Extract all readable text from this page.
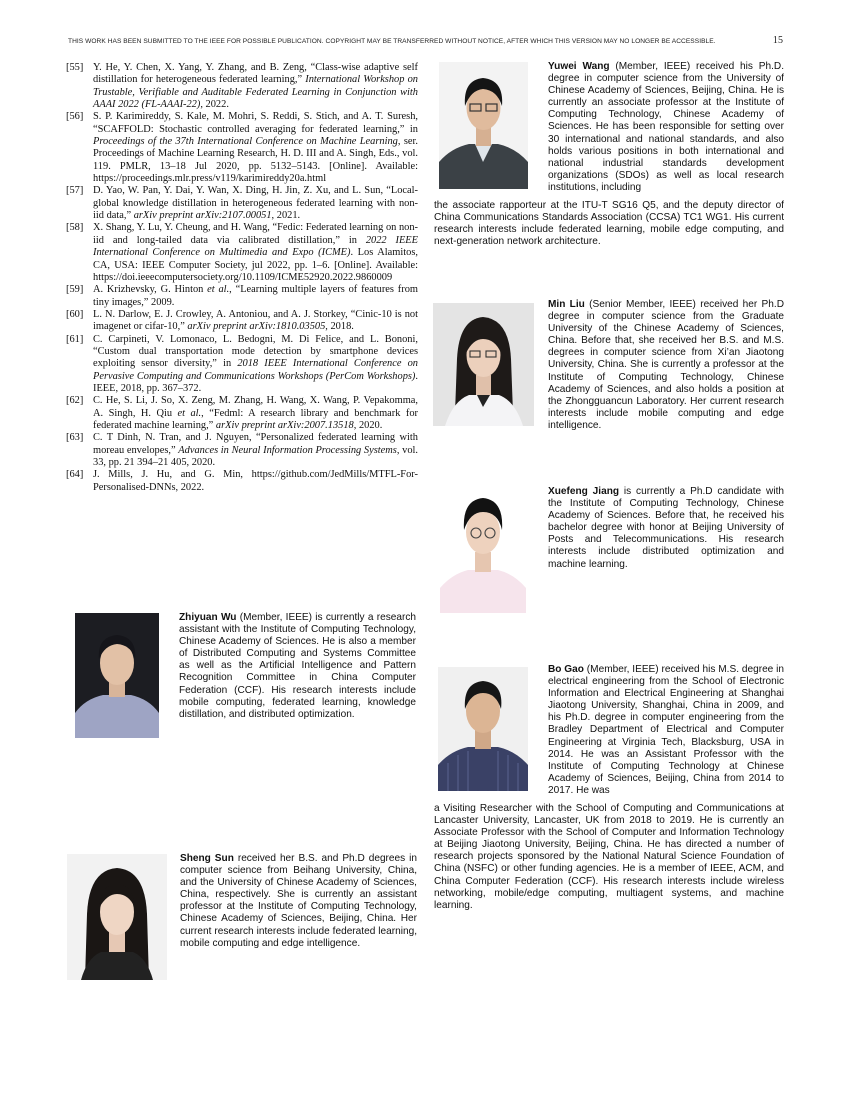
THIS WORK HAS BEEN SUBMITTED TO THE IEEE FOR POSSIBLE PUBLICATION. COPYRIGHT MAY BE TRANSFERRED WITHOUT NOTICE, AFTER WHICH THIS VERSION MAY NO LONGER BE ACCESSIBLE.	15
[55] Y. He, Y. Chen, X. Yang, Y. Zhang, and B. Zeng, “Class-wise adaptive self distillation for heterogeneous federated learning,” International Workshop on Trustable, Verifiable and Auditable Federated Learning in Conjunction with AAAI 2022 (FL-AAAI-22), 2022.
[56] S. P. Karimireddy, S. Kale, M. Mohri, S. Reddi, S. Stich, and A. T. Suresh, “SCAFFOLD: Stochastic controlled averaging for federated learning,” in Proceedings of the 37th International Conference on Machine Learning, ser. Proceedings of Machine Learning Research, H. D. III and A. Singh, Eds., vol. 119. PMLR, 13–18 Jul 2020, pp. 5132–5143. [Online]. Available: https://proceedings.mlr.press/v119/karimireddy20a.html
[57] D. Yao, W. Pan, Y. Dai, Y. Wan, X. Ding, H. Jin, Z. Xu, and L. Sun, “Local-global knowledge distillation in heterogeneous federated learning with non-iid data,” arXiv preprint arXiv:2107.00051, 2021.
[58] X. Shang, Y. Lu, Y. Cheung, and H. Wang, “Fedic: Federated learning on non-iid and long-tailed data via calibrated distillation,” in 2022 IEEE International Conference on Multimedia and Expo (ICME). Los Alamitos, CA, USA: IEEE Computer Society, jul 2022, pp. 1–6. [Online]. Available: https://doi.ieeecomputersociety.org/10.1109/ICME52920.2022.9860009
[59] A. Krizhevsky, G. Hinton et al., “Learning multiple layers of features from tiny images,” 2009.
[60] L. N. Darlow, E. J. Crowley, A. Antoniou, and A. J. Storkey, “Cinic-10 is not imagenet or cifar-10,” arXiv preprint arXiv:1810.03505, 2018.
[61] C. Carpineti, V. Lomonaco, L. Bedogni, M. Di Felice, and L. Bononi, “Custom dual transportation mode detection by smartphone devices exploiting sensor diversity,” in 2018 IEEE International Conference on Pervasive Computing and Communications Workshops (PerCom Workshops). IEEE, 2018, pp. 367–372.
[62] C. He, S. Li, J. So, X. Zeng, M. Zhang, H. Wang, X. Wang, P. Vepakomma, A. Singh, H. Qiu et al., “Fedml: A research library and benchmark for federated machine learning,” arXiv preprint arXiv:2007.13518, 2020.
[63] C. T Dinh, N. Tran, and J. Nguyen, “Personalized federated learning with moreau envelopes,” Advances in Neural Information Processing Systems, vol. 33, pp. 21 394–21 405, 2020.
[64] J. Mills, J. Hu, and G. Min, https://github.com/JedMills/MTFL-For-Personalised-DNNs, 2022.
Zhiyuan Wu (Member, IEEE) is currently a research assistant with the Institute of Computing Technology, Chinese Academy of Sciences. He is also a member of Distributed Computing and Systems Committee as well as the Artificial Intelligence and Pattern Recognition Committee in China Computer Federation (CCF). His research interests include mobile computing, federated learning, knowledge distillation, and distributed optimization.
Sheng Sun received her B.S. and Ph.D degrees in computer science from Beihang University, China, and the University of Chinese Academy of Sciences, China, respectively. She is currently an assistant professor at the Institute of Computing Technology, Chinese Academy of Sciences, Beijing, China. Her current research interests include federated learning, mobile computing and edge intelligence.
Yuwei Wang (Member, IEEE) received his Ph.D. degree in computer science from the University of Chinese Academy of Sciences, Beijing, China. He is currently an associate professor at the Institute of Computing Technology, Chinese Academy of Sciences. He has been responsible for setting over 30 international and national standards, and also holds various positions in both international and national industrial standards development organizations (SDOs) as well as local research institutions, including
the associate rapporteur at the ITU-T SG16 Q5, and the deputy director of China Communications Standards Association (CCSA) TC1 WG1. His current research interests include federated learning, mobile edge computing, and next-generation network architecture.
Min Liu (Senior Member, IEEE) received her Ph.D degree in computer science from the Graduate University of the Chinese Academy of Sciences, China. Before that, she received her B.S. and M.S. degrees in computer science from Xi’an Jiaotong University, China. She is currently a professor at the Institute of Computing Technology, Chinese Academy of Sciences, and also holds a position at the Zhongguancun Laboratory. Her current research interests include mobile computing and edge intelligence.
Xuefeng Jiang is currently a Ph.D candidate with the Institute of Computing Technology, Chinese Academy of Sciences. Before that, he received his bachelor degree with honor at Beijing University of Posts and Telecommunications. His research interests include distributed optimization and machine learning.
Bo Gao (Member, IEEE) received his M.S. degree in electrical engineering from the School of Electronic Information and Electrical Engineering at Shanghai Jiaotong University, Shanghai, China in 2009, and his Ph.D. degree in computer engineering from the Bradley Department of Electrical and Computer Engineering at Virginia Tech, Blacksburg, USA in 2014. He was an Assistant Professor with the Institute of Computing Technology at Chinese Academy of Sciences, Beijing, China from 2014 to 2017. He was
a Visiting Researcher with the School of Computing and Communications at Lancaster University, Lancaster, UK from 2018 to 2019. He is currently an Associate Professor with the School of Computer and Information Technology at Beijing Jiaotong University, Beijing, China. He has directed a number of research projects sponsored by the National Natural Science Foundation of China (NSFC) or other funding agencies. He is a member of IEEE, ACM, and China Computer Federation (CCF). His research interests include wireless networking, mobile/edge computing, multiagent systems, and machine learning.
